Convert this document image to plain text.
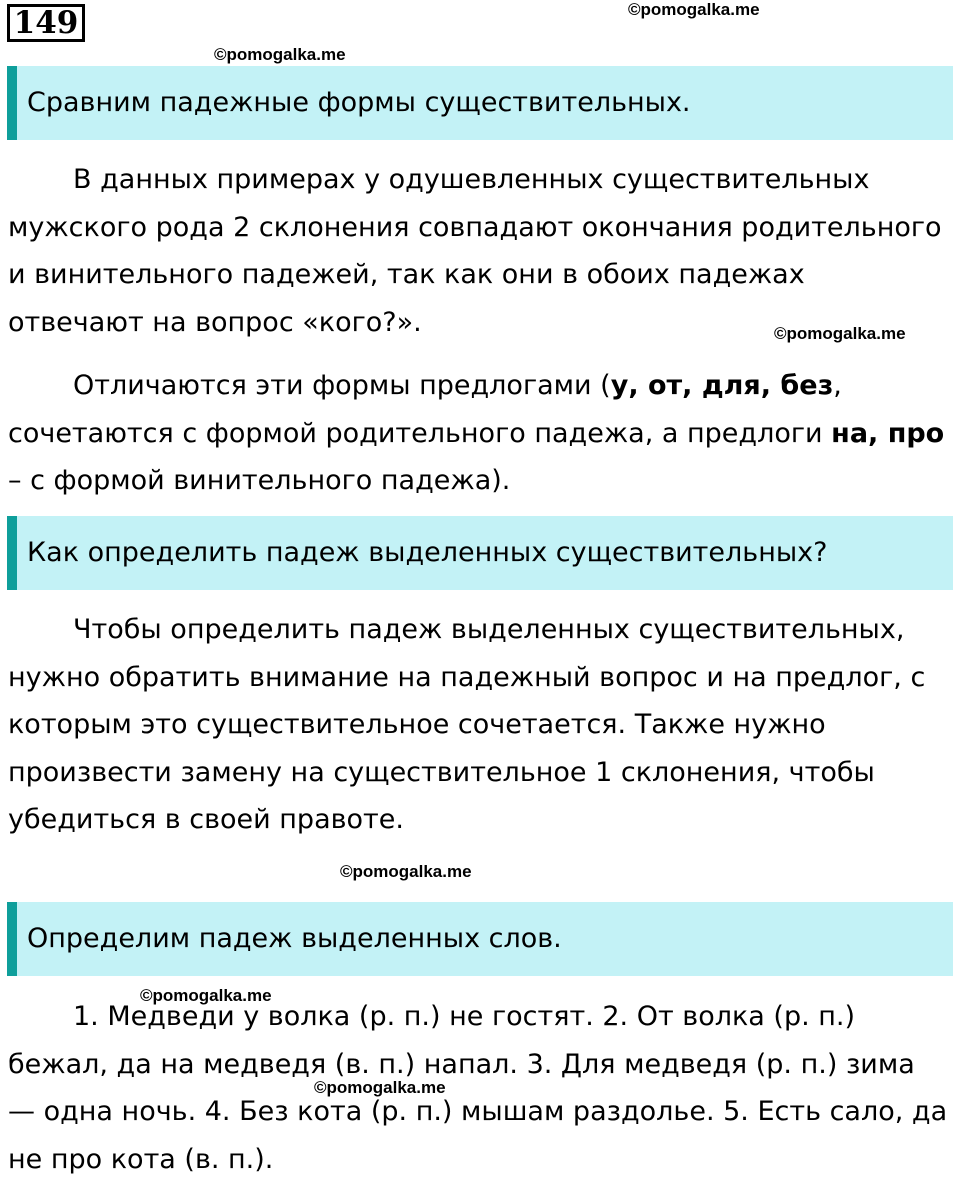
149	©pomogalka.me
©pomogalka.me
©pomogalka.me
©pomogalka.me
©pomogalka.me
©pomogalka.me
Сравним падежные формы существительных.
В данных примерах у одушевленных существительных мужского рода 2 склонения совпадают окончания родительного и винительного падежей, так как они в обоих падежах отвечают на вопрос «кого?».
Отличаются эти формы предлогами (у, от, для, без, сочетаются с формой родительного падежа, а предлоги на, про – с формой винительного падежа).
Как определить падеж выделенных существительных?
Чтобы определить падеж выделенных существительных, нужно обратить внимание на падежный вопрос и на предлог, с которым это существительное сочетается. Также нужно произвести замену на существительное 1 склонения, чтобы убедиться в своей правоте.
Определим падеж выделенных слов.
1. Медведи у волка (р. п.) не гостят. 2. От волка (р. п.) бежал, да на медведя (в. п.) напал. 3. Для медведя (р. п.) зима — одна ночь. 4. Без кота (р. п.) мышам раздолье. 5. Есть сало, да не про кота (в. п.).
